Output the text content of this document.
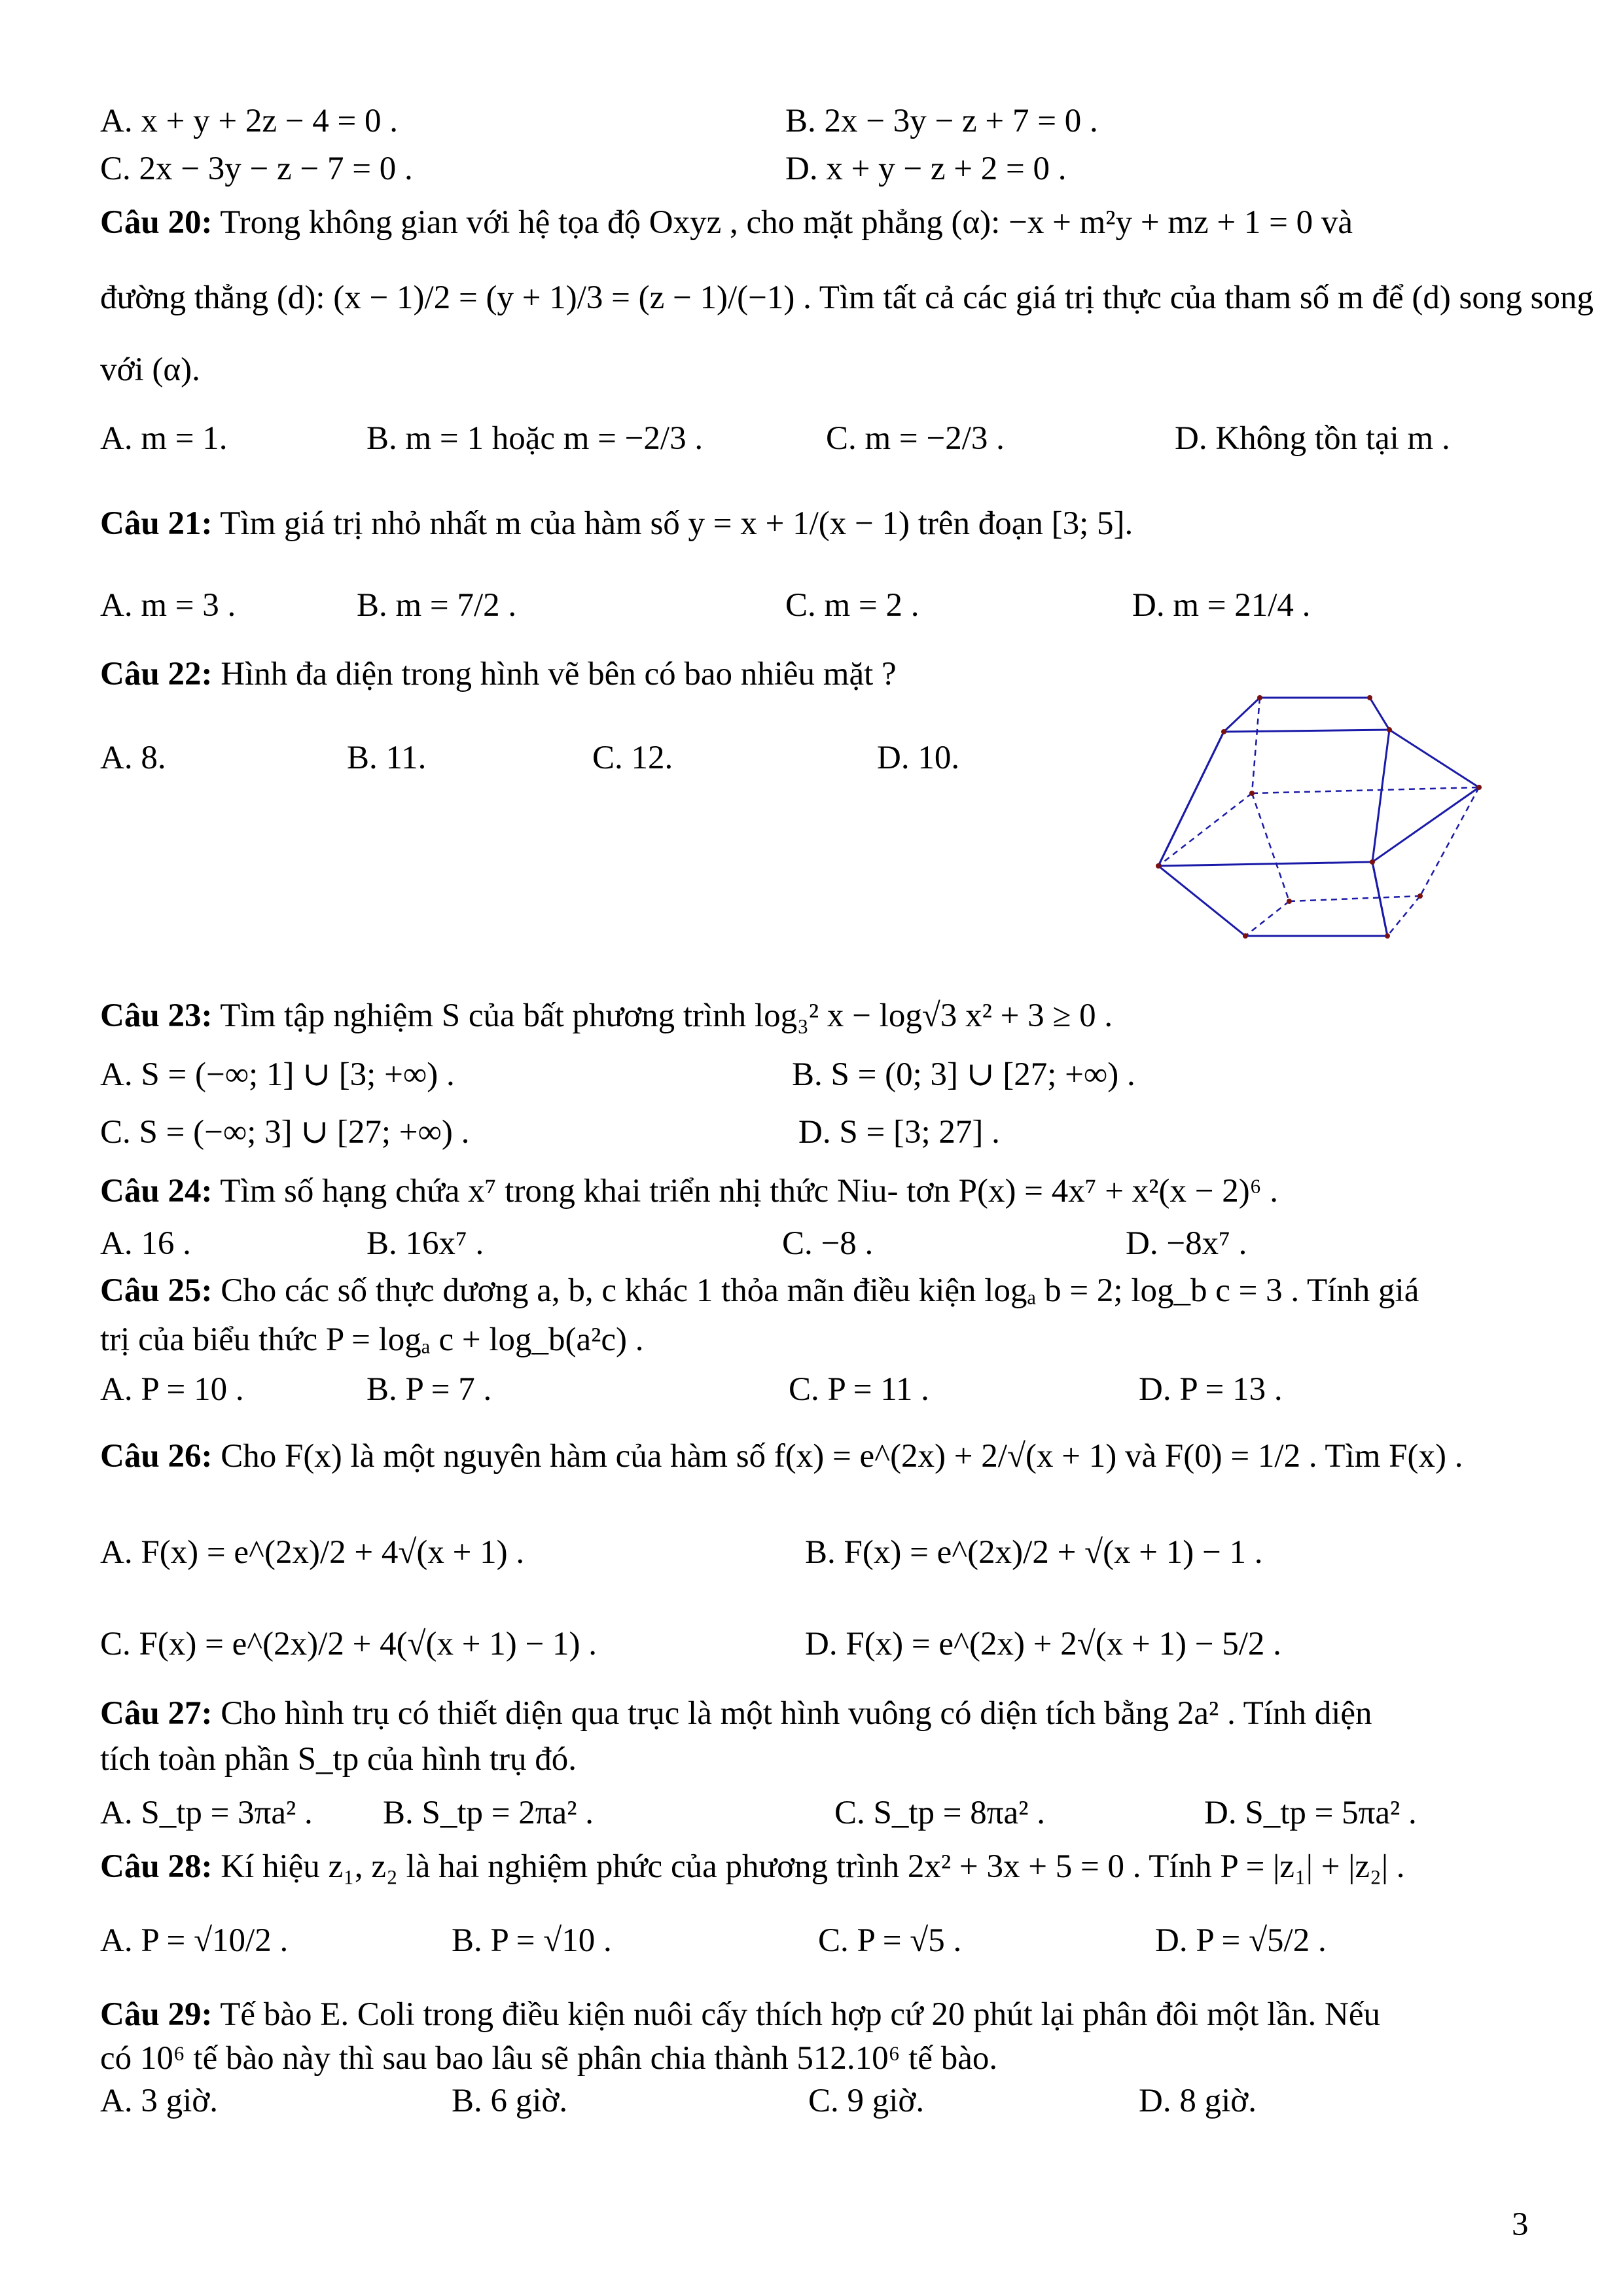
A. x + y + 2z − 4 = 0 .	B. 2x − 3y − z + 7 = 0 .
C. 2x − 3y − z − 7 = 0 .	D. x + y − z + 2 = 0 .
Câu 20: Trong không gian với hệ tọa độ Oxyz , cho mặt phẳng (α): −x + m²y + mz + 1 = 0 và
đường thẳng (d): (x − 1)/2 = (y + 1)/3 = (z − 1)/(−1) . Tìm tất cả các giá trị thực của tham số m để (d) song song
với (α).
A. m = 1.	B. m = 1 hoặc m = −2/3 .	C. m = −2/3 .	D. Không tồn tại m .
Câu 21: Tìm giá trị nhỏ nhất m của hàm số y = x + 1/(x − 1) trên đoạn [3; 5].
A. m = 3 .	B. m = 7/2 .	C. m = 2 .	D. m = 21/4 .
Câu 22: Hình đa diện trong hình vẽ bên có bao nhiêu mặt ?
A. 8.	B. 11.	C. 12.	D. 10.
Câu 23: Tìm tập nghiệm S của bất phương trình log₃² x − log√3 x² + 3 ≥ 0 .
A. S = (−∞; 1] ∪ [3; +∞) .	B. S = (0; 3] ∪ [27; +∞) .
C. S = (−∞; 3] ∪ [27; +∞) .	D. S = [3; 27] .
Câu 24: Tìm số hạng chứa x⁷ trong khai triển nhị thức Niu- tơn P(x) = 4x⁷ + x²(x − 2)⁶ .
A. 16 .	B. 16x⁷ .	C. −8 .	D. −8x⁷ .
Câu 25: Cho các số thực dương a, b, c khác 1 thỏa mãn điều kiện logₐ b = 2; log_b c = 3 . Tính giá
trị của biểu thức P = logₐ c + log_b(a²c) .
A. P = 10 .	B. P = 7 .	C. P = 11 .	D. P = 13 .
Câu 26: Cho F(x) là một nguyên hàm của hàm số f(x) = e^(2x) + 2/√(x + 1) và F(0) = 1/2 . Tìm F(x) .
A. F(x) = e^(2x)/2 + 4√(x + 1) .	B. F(x) = e^(2x)/2 + √(x + 1) − 1 .
C. F(x) = e^(2x)/2 + 4(√(x + 1) − 1) .	D. F(x) = e^(2x) + 2√(x + 1) − 5/2 .
Câu 27: Cho hình trụ có thiết diện qua trục là một hình vuông có diện tích bằng 2a² . Tính diện
tích toàn phần S_tp của hình trụ đó.
A. S_tp = 3πa² . B. S_tp = 2πa² .	C. S_tp = 8πa² .	D. S_tp = 5πa² .
Câu 28: Kí hiệu z₁, z₂ là hai nghiệm phức của phương trình 2x² + 3x + 5 = 0 . Tính P = |z₁| + |z₂| .
A. P = √10/2 .	B. P = √10 .	C. P = √5 .	D. P = √5/2 .
Câu 29: Tế bào E. Coli trong điều kiện nuôi cấy thích hợp cứ 20 phút lại phân đôi một lần. Nếu
có 10⁶ tế bào này thì sau bao lâu sẽ phân chia thành 512.10⁶ tế bào.
A. 3 giờ.	B. 6 giờ.	C. 9 giờ.	D. 8 giờ.
3
